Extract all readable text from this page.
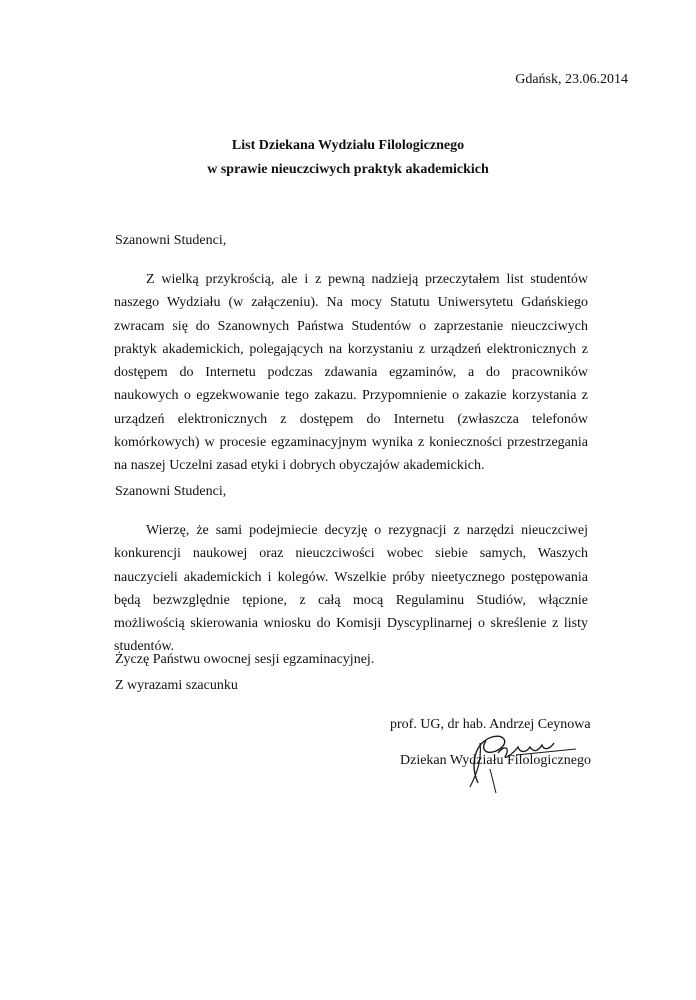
Gdańsk, 23.06.2014
List Dziekana Wydziału Filologicznego
w sprawie nieuczciwych praktyk akademickich
Szanowni Studenci,

Z wielką przykrością, ale i z pewną nadzieją przeczytałem list studentów naszego Wydziału (w załączeniu). Na mocy Statutu Uniwersytetu Gdańskiego zwracam się do Szanownych Państwa Studentów o zaprzestanie nieuczciwych praktyk akademickich, polegających na korzystaniu z urządzeń elektronicznych z dostępem do Internetu podczas zdawania egzaminów, a do pracowników naukowych o egzekwowanie tego zakazu. Przypomnienie o zakazie korzystania z urządzeń elektronicznych z dostępem do Internetu (zwłaszcza telefonów komórkowych) w procesie egzaminacyjnym wynika z konieczności przestrzegania na naszej Uczelni zasad etyki i dobrych obyczajów akademickich.

Szanowni Studenci,

Wierzę, że sami podejmiecie decyzję o rezygnacji z narzędzi nieuczciwej konkurencji naukowej oraz nieuczciwości wobec siebie samych, Waszych nauczycieli akademickich i kolegów. Wszelkie próby nieetycznego postępowania będą bezwzględnie tępione, z całą mocą Regulaminu Studiów, włącznie możliwością skierowania wniosku do Komisji Dyscyplinarnej o skreślenie z listy studentów.

Życzę Państwu owocnej sesji egzaminacyjnej.
Z wyrazami szacunku
prof. UG, dr hab. Andrzej Ceynowa
Dziekan Wydziału Filologicznego
